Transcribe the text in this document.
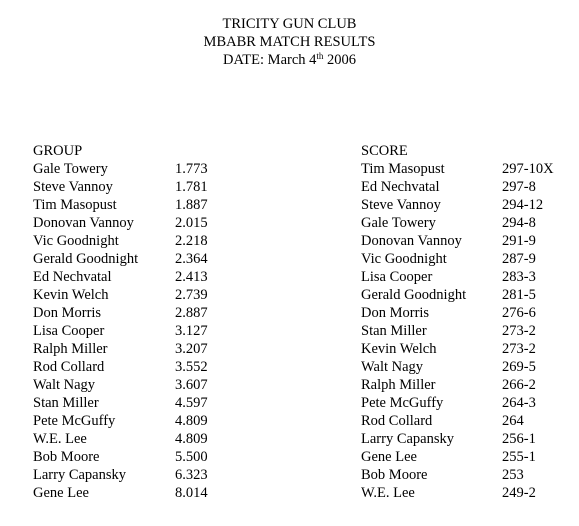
TRICITY GUN CLUB
MBABR MATCH RESULTS
DATE: March 4th 2006
GROUP
Gale Towery	1.773
Steve Vannoy	1.781
Tim Masopust	1.887
Donovan Vannoy	2.015
Vic Goodnight	2.218
Gerald Goodnight	2.364
Ed Nechvatal	2.413
Kevin Welch	2.739
Don Morris	2.887
Lisa Cooper	3.127
Ralph Miller	3.207
Rod Collard	3.552
Walt Nagy	3.607
Stan Miller	4.597
Pete McGuffy	4.809
W.E. Lee	4.809
Bob Moore	5.500
Larry Capansky	6.323
Gene Lee	8.014
SCORE
Tim Masopust	297-10X
Ed Nechvatal	297-8
Steve Vannoy	294-12
Gale Towery	294-8
Donovan Vannoy	291-9
Vic Goodnight	287-9
Lisa Cooper	283-3
Gerald Goodnight 281-5
Don Morris	276-6
Stan Miller	273-2
Kevin Welch	273-2
Walt Nagy	269-5
Ralph Miller	266-2
Pete McGuffy	264-3
Rod Collard	264
Larry Capansky	256-1
Gene Lee	255-1
Bob Moore	253
W.E. Lee	249-2
